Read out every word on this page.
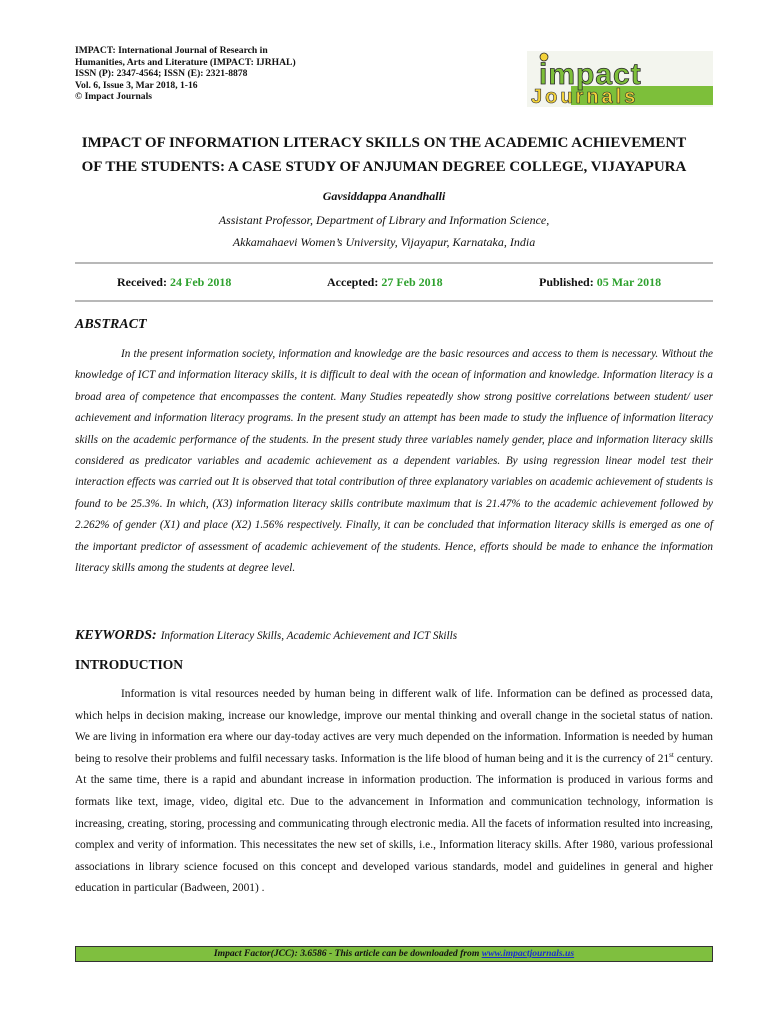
IMPACT: International Journal of Research in
Humanities, Arts and Literature (IMPACT: IJRHAL)
ISSN (P): 2347-4564; ISSN (E): 2321-8878
Vol. 6, Issue 3, Mar 2018, 1-16
© Impact Journals
impact
Journals
IMPACT OF INFORMATION LITERACY SKILLS ON THE ACADEMIC ACHIEVEMENT
OF THE STUDENTS: A CASE STUDY OF ANJUMAN DEGREE COLLEGE, VIJAYAPURA
Gavsiddappa Anandhalli
Assistant Professor, Department of Library and Information Science,
Akkamahaevi Women’s University, Vijayapur, Karnataka, India
Received: 24 Feb 2018	Accepted: 27 Feb 2018	Published: 05 Mar 2018
ABSTRACT

In the present information society, information and knowledge are the basic resources and access to them is necessary. Without the knowledge of ICT and information literacy skills, it is difficult to deal with the ocean of information and knowledge. Information literacy is a broad area of competence that encompasses the content. Many Studies repeatedly show strong positive correlations between student/ user achievement and information literacy programs. In the present study an attempt has been made to study the influence of information literacy skills on the academic performance of the students. In the present study three variables namely gender, place and information literacy skills considered as predicator variables and academic achievement as a dependent variables. By using regression linear model test their interaction effects was carried out It is observed that total contribution of three explanatory variables on academic achievement of students is found to be 25.3%. In which, (X3) information literacy skills contribute maximum that is 21.47% to the academic achievement followed by 2.262% of gender (X1) and place (X2) 1.56% respectively. Finally, it can be concluded that information literacy skills is emerged as one of the important predictor of assessment of academic achievement of the students. Hence, efforts should be made to enhance the information literacy skills among the students at degree level.

KEYWORDS: Information Literacy Skills, Academic Achievement and ICT Skills
INTRODUCTION

Information is vital resources needed by human being in different walk of life. Information can be defined as processed data, which helps in decision making, increase our knowledge, improve our mental thinking and overall change in the societal status of nation. We are living in information era where our day-today actives are very much depended on the information. Information is needed by human being to resolve their problems and fulfil necessary tasks. Information is the life blood of human being and it is the currency of 21st century. At the same time, there is a rapid and abundant increase in information production. The information is produced in various forms and formats like text, image, video, digital etc. Due to the advancement in Information and communication technology, information is increasing, creating, storing, processing and communicating through electronic media. All the facets of information resulted into increasing, complex and verity of information. This necessitates the new set of skills, i.e., Information literacy skills. After 1980, various professional associations in library science focused on this concept and developed various standards, model and guidelines in general and higher education in particular (Badween, 2001) .

Impact Factor(JCC): 3.6586 - This article can be downloaded from www.impactjournals.us
